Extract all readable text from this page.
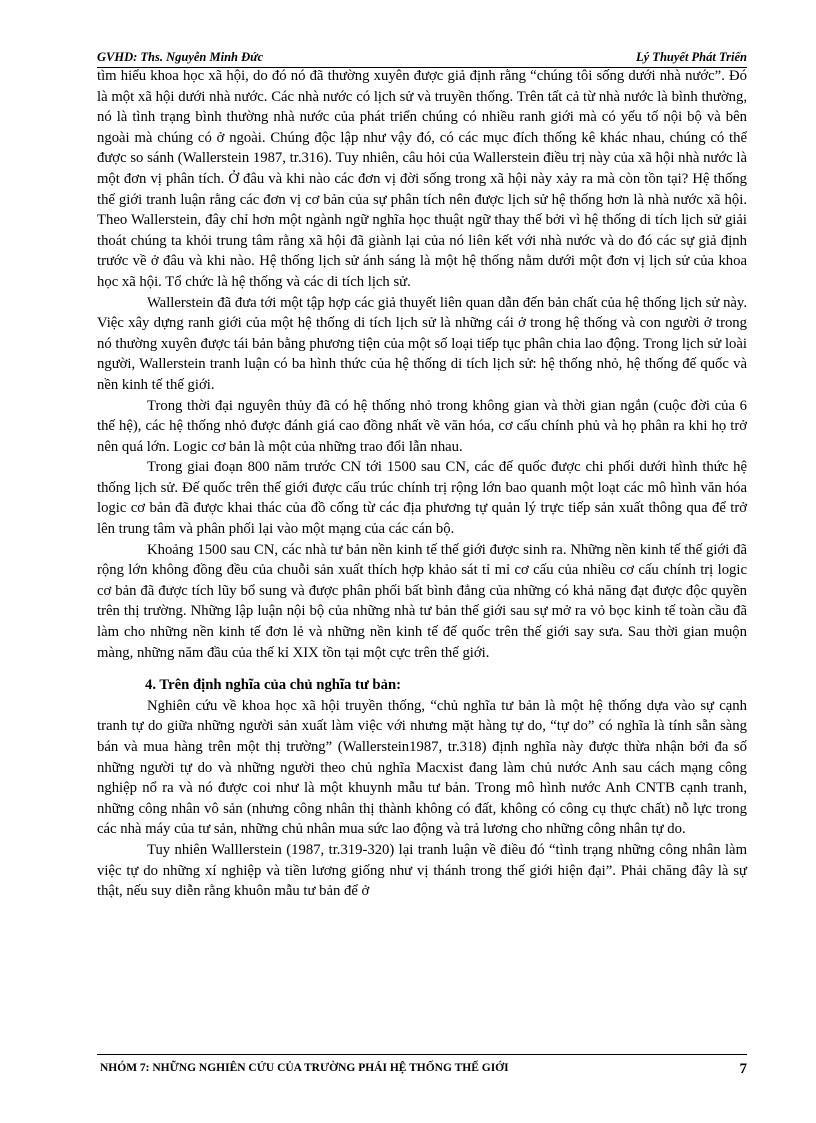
GVHD: Ths. Nguyễn Minh Đức	Lý Thuyết Phát Triển

tìm hiểu khoa học xã hội, do đó nó đã thường xuyên được giả định rằng “chúng tôi sống dưới nhà nước”. Đó là một xã hội dưới nhà nước. Các nhà nước có lịch sử và truyền thống. Trên tất cả từ nhà nước là bình thường, nó là tình trạng bình thường nhà nước của phát triển chúng có nhiều ranh giới mà có yếu tố nội bộ và bên ngoài mà chúng có ở ngoài. Chúng độc lập như vậy đó, có các mục đích thống kê khác nhau, chúng có thể được so sánh (Wallerstein 1987, tr.316). Tuy nhiên, câu hỏi của Wallerstein điều trị này của xã hội nhà nước là một đơn vị phân tích. Ở đâu và khi nào các đơn vị đời sống trong xã hội này xảy ra mà còn tồn tại? Hệ thống thế giới tranh luận rằng các đơn vị cơ bản của sự phân tích nên được lịch sử hệ thống hơn là nhà nước xã hội. Theo Wallerstein, đây chỉ hơn một ngành ngữ nghĩa học thuật ngữ thay thế bởi vì hệ thống di tích lịch sử giải thoát chúng ta khỏi trung tâm rằng xã hội đã giành lại của nó liên kết với nhà nước và do đó các sự giả định trước về ở đâu và khi nào. Hệ thống lịch sử ánh sáng là một hệ thống nằm dưới một đơn vị lịch sử của khoa học xã hội. Tổ chức là hệ thống và các di tích lịch sử.

Wallerstein đã đưa tới một tập hợp các giả thuyết liên quan dẫn đến bản chất của hệ thống lịch sử này. Việc xây dựng ranh giới của một hệ thống di tích lịch sử là những cái ở trong hệ thống và con người ở trong nó thường xuyên được tái bản bằng phương tiện của một số loại tiếp tục phân chia lao động. Trong lịch sử loài người, Wallerstein tranh luận có ba hình thức của hệ thống di tích lịch sử: hệ thống nhỏ, hệ thống đế quốc và nền kinh tế thế giới.

Trong thời đại nguyên thủy đã có hệ thống nhỏ trong không gian và thời gian ngắn (cuộc đời của 6 thế hệ), các hệ thống nhỏ được đánh giá cao đồng nhất về văn hóa, cơ cấu chính phủ và họ phân ra khi họ trở nên quá lớn. Logic cơ bản là một của những trao đổi lẫn nhau.

Trong giai đoạn 800 năm trước CN tới 1500 sau CN, các đế quốc được chi phối dưới hình thức hệ thống lịch sử. Đế quốc trên thế giới được cấu trúc chính trị rộng lớn bao quanh một loạt các mô hình văn hóa logic cơ bản đã được khai thác của đồ cống từ các địa phương tự quản lý trực tiếp sản xuất thông qua để trở lên trung tâm và phân phối lại vào một mạng của các cán bộ.

Khoảng 1500 sau CN, các nhà tư bản nền kinh tế thế giới được sinh ra. Những nền kinh tế thế giới đã rộng lớn không đồng đều của chuỗi sản xuất thích hợp khảo sát tỉ mỉ cơ cấu của nhiều cơ cấu chính trị logic cơ bản đã được tích lũy bổ sung và được phân phối bất bình đẳng của những có khả năng đạt được độc quyền trên thị trường. Những lập luận nội bộ của những nhà tư bản thế giới sau sự mở ra vỏ bọc kinh tế toàn cầu đã làm cho những nền kinh tế đơn lẻ và những nền kinh tế đế quốc trên thế giới say sưa. Sau thời gian muộn màng, những năm đầu của thế kỉ XIX tồn tại một cực trên thế giới.

4. Trên định nghĩa của chủ nghĩa tư bản:

Nghiên cứu về khoa học xã hội truyền thống, “chủ nghĩa tư bản là một hệ thống dựa vào sự cạnh tranh tự do giữa những người sản xuất làm việc với nhưng mặt hàng tự do, “tự do” có nghĩa là tính sẵn sàng bán và mua hàng trên một thị trường” (Wallerstein1987, tr.318) định nghĩa này được thừa nhận bởi đa số những người tự do và những người theo chủ nghĩa Macxist đang làm chủ nước Anh sau cách mạng công nghiệp nổ ra và nó được coi như là một khuynh mẫu tư bản. Trong mô hình nước Anh CNTB cạnh tranh, những công nhân vô sản (nhưng công nhân thị thành không có đất, không có công cụ thực chất) nỗ lực trong các nhà máy của tư sản, những chủ nhân mua sức lao động và trả lương cho những công nhân tự do.

Tuy nhiên Walllerstein (1987, tr.319-320) lại tranh luận về điều đó “tình trạng những công nhân làm việc tự do những xí nghiệp và tiền lương giống như vị thánh trong thế giới hiện đại”. Phải chăng đây là sự thật, nếu suy diễn rằng khuôn mẫu tư bản để ở

NHÓM 7: NHỮNG NGHIÊN CỨU CỦA TRƯỜNG PHÁI HỆ THỐNG THẾ GIỚI	7
